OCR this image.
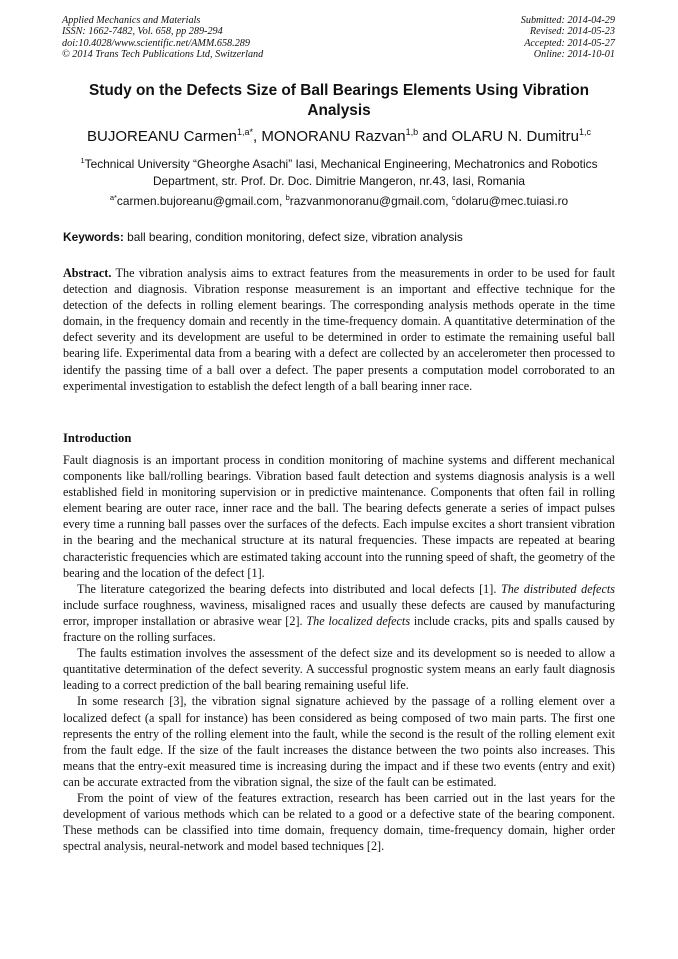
Applied Mechanics and Materials
ISSN: 1662-7482, Vol. 658, pp 289-294
doi:10.4028/www.scientific.net/AMM.658.289
© 2014 Trans Tech Publications Ltd, Switzerland
Submitted: 2014-04-29
Revised: 2014-05-23
Accepted: 2014-05-27
Online: 2014-10-01
Study on the Defects Size of Ball Bearings Elements Using Vibration Analysis
BUJOREANU Carmen$^{1,a*}$, MONORANU Razvan$^{1,b}$ and OLARU N. Dumitru$^{1,c}$
$^1$Technical University “Gheorghe Asachi” Iasi, Mechanical Engineering, Mechatronics and Robotics Department, str. Prof. Dr. Doc. Dimitrie Mangeron, nr.43, Iasi, Romania
$^{a*}$carmen.bujoreanu@gmail.com, $^b$razvanmonoranu@gmail.com, $^c$dolaru@mec.tuiasi.ro
Keywords: ball bearing, condition monitoring, defect size, vibration analysis

Abstract. The vibration analysis aims to extract features from the measurements in order to be used for fault detection and diagnosis. Vibration response measurement is an important and effective technique for the detection of the defects in rolling element bearings. The corresponding analysis methods operate in the time domain, in the frequency domain and recently in the time-frequency domain. A quantitative determination of the defect severity and its development are useful to be determined in order to estimate the remaining useful ball bearing life. Experimental data from a bearing with a defect are collected by an accelerometer then processed to identify the passing time of a ball over a defect. The paper presents a computation model corroborated to an experimental investigation to establish the defect length of a ball bearing inner race.

Introduction

Fault diagnosis is an important process in condition monitoring of machine systems and different mechanical components like ball/rolling bearings. Vibration based fault detection and systems diagnosis analysis is a well established field in monitoring supervision or in predictive maintenance. Components that often fail in rolling element bearing are outer race, inner race and the ball. The bearing defects generate a series of impact pulses every time a running ball passes over the surfaces of the defects. Each impulse excites a short transient vibration in the bearing and the mechanical structure at its natural frequencies. These impacts are repeated at bearing characteristic frequencies which are estimated taking account into the running speed of shaft, the geometry of the bearing and the location of the defect [1].

The literature categorized the bearing defects into distributed and local defects [1]. The distributed defects include surface roughness, waviness, misaligned races and usually these defects are caused by manufacturing error, improper installation or abrasive wear [2]. The localized defects include cracks, pits and spalls caused by fracture on the rolling surfaces.

The faults estimation involves the assessment of the defect size and its development so is needed to allow a quantitative determination of the defect severity. A successful prognostic system means an early fault diagnosis leading to a correct prediction of the ball bearing remaining useful life.

In some research [3], the vibration signal signature achieved by the passage of a rolling element over a localized defect (a spall for instance) has been considered as being composed of two main parts. The first one represents the entry of the rolling element into the fault, while the second is the result of the rolling element exit from the fault edge. If the size of the fault increases the distance between the two points also increases. This means that the entry-exit measured time is increasing during the impact and if these two events (entry and exit) can be accurate extracted from the vibration signal, the size of the fault can be estimated.

From the point of view of the features extraction, research has been carried out in the last years for the development of various methods which can be related to a good or a defective state of the bearing component. These methods can be classified into time domain, frequency domain, time-frequency domain, higher order spectral analysis, neural-network and model based techniques [2].
